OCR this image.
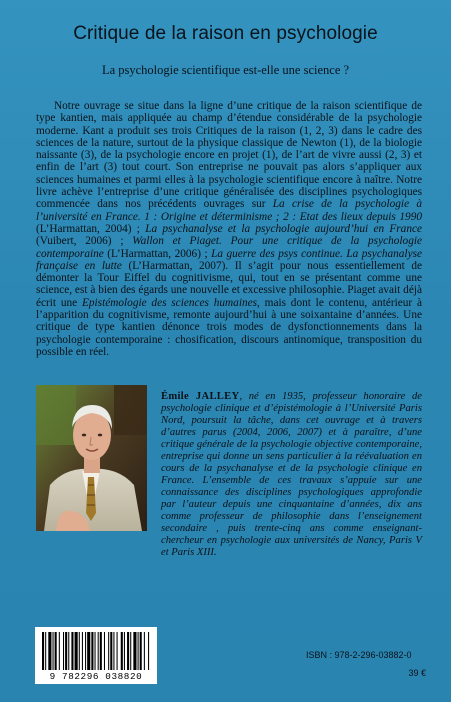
Critique de la raison en psychologie
La psychologie scientifique est-elle une science ?

Notre ouvrage se situe dans la ligne d’une critique de la raison scientifique de type kantien, mais appliquée au champ d’étendue considérable de la psychologie moderne. Kant a produit ses trois Critiques de la raison (1, 2, 3) dans le cadre des sciences de la nature, surtout de la physique classique de Newton (1), de la biologie naissante (3), de la psychologie encore en projet (1), de l’art de vivre aussi (2, 3) et enfin de l’art (3) tout court. Son entreprise ne pouvait pas alors s’appliquer aux sciences humaines et parmi elles à la psychologie scientifique encore à naître. Notre livre achève l’entreprise d’une critique généralisée des disciplines psychologiques commencée dans nos précédents ouvrages sur La crise de la psychologie à l’université en France. 1 : Origine et déterminisme ; 2 : Etat des lieux depuis 1990 (L’Harmattan, 2004) ; La psychanalyse et la psychologie aujourd’hui en France (Vuibert, 2006) ; Wallon et Piaget. Pour une critique de la psychologie contemporaine (L’Harmattan, 2006) ; La guerre des psys continue. La psychanalyse française en lutte (L’Harmattan, 2007). Il s’agit pour nous essentiellement de démonter la Tour Eiffel du cognitivisme, qui, tout en se présentant comme une science, est à bien des égards une nouvelle et excessive philosophie. Piaget avait déjà écrit une Epistémologie des sciences humaines, mais dont le contenu, antérieur à l’apparition du cognitivisme, remonte aujourd’hui à une soixantaine d’années. Une critique de type kantien dénonce trois modes de dysfonctionnements dans la psychologie contemporaine : chosification, discours antinomique, transposition du possible en réel.

Émile JALLEY, né en 1935, professeur honoraire de psychologie clinique et d’épistémologie à l’Université Paris Nord, poursuit la tâche, dans cet ouvrage et à travers d’autres parus (2004, 2006, 2007) et à paraître, d’une critique générale de la psychologie objective contemporaine, entreprise qui donne un sens particulier à la réévaluation en cours de la psychanalyse et de la psychologie clinique en France. L’ensemble de ces travaux s’appuie sur une connaissance des disciplines psychologiques approfondie par l’auteur depuis une cinquantaine d’années, dix ans comme professeur de philosophie dans l’enseignement secondaire , puis trente-cinq ans comme enseignant-chercheur en psychologie aux universités de Nancy, Paris V et Paris XIII.

9 782296 038820
ISBN : 978-2-296-03882-0
39 €
